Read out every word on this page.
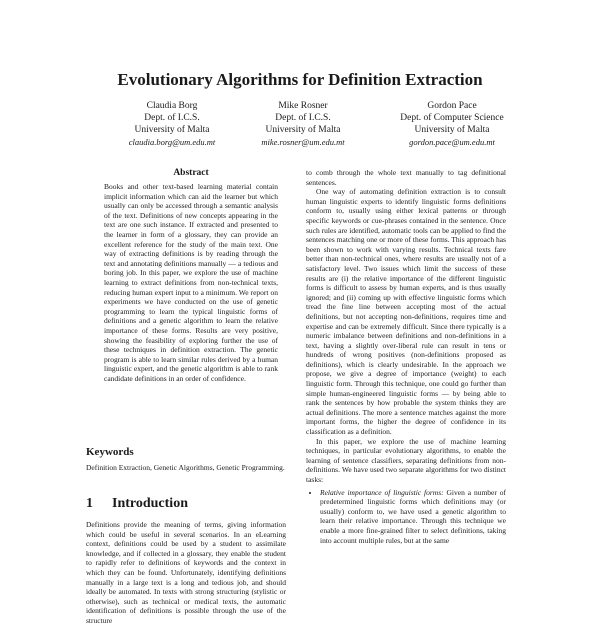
Evolutionary Algorithms for Definition Extraction
Claudia Borg
Dept. of I.C.S.
University of Malta
claudia.borg@um.edu.mt
Mike Rosner
Dept. of I.C.S.
University of Malta
mike.rosner@um.edu.mt
Gordon Pace
Dept. of Computer Science
University of Malta
gordon.pace@um.edu.mt
Abstract

Books and other text-based learning material contain implicit information which can aid the learner but which usually can only be accessed through a semantic analysis of the text. Definitions of new concepts appearing in the text are one such instance. If extracted and presented to the learner in form of a glossary, they can provide an excellent reference for the study of the main text. One way of extracting definitions is by reading through the text and annotating definitions manually — a tedious and boring job. In this paper, we explore the use of machine learning to extract definitions from non-technical texts, reducing human expert input to a minimum. We report on experiments we have conducted on the use of genetic programming to learn the typical linguistic forms of definitions and a genetic algorithm to learn the relative importance of these forms. Results are very positive, showing the feasibility of exploring further the use of these techniques in definition extraction. The genetic program is able to learn similar rules derived by a human linguistic expert, and the genetic algorithm is able to rank candidate definitions in an order of confidence.

Keywords

Definition Extraction, Genetic Algorithms, Genetic Programming.

1 Introduction

Definitions provide the meaning of terms, giving information which could be useful in several scenarios. In an eLearning context, definitions could be used by a student to assimilate knowledge, and if collected in a glossary, they enable the student to rapidly refer to definitions of keywords and the context in which they can be found. Unfortunately, identifying definitions manually in a large text is a long and tedious job, and should ideally be automated. In texts with strong structuring (stylistic or otherwise), such as technical or medical texts, the automatic identification of definitions is possible through the use of the structure

to comb through the whole text manually to tag definitional sentences.

One way of automating definition extraction is to consult human linguistic experts to identify linguistic forms definitions conform to, usually using either lexical patterns or through specific keywords or cue-phrases contained in the sentence. Once such rules are identified, automatic tools can be applied to find the sentences matching one or more of these forms. This approach has been shown to work with varying results. Technical texts fare better than non-technical ones, where results are usually not of a satisfactory level. Two issues which limit the success of these results are (i) the relative importance of the different linguistic forms is difficult to assess by human experts, and is thus usually ignored; and (ii) coming up with effective linguistic forms which tread the fine line between accepting most of the actual definitions, but not accepting non-definitions, requires time and expertise and can be extremely difficult. Since there typically is a numeric imbalance between definitions and non-definitions in a text, having a slightly over-liberal rule can result in tens or hundreds of wrong positives (non-definitions proposed as definitions), which is clearly undesirable. In the approach we propose, we give a degree of importance (weight) to each linguistic form. Through this technique, one could go further than simple human-engineered linguistic forms — by being able to rank the sentences by how probable the system thinks they are actual definitions. The more a sentence matches against the more important forms, the higher the degree of confidence in its classification as a definition.

In this paper, we explore the use of machine learning techniques, in particular evolutionary algorithms, to enable the learning of sentence classifiers, separating definitions from non-definitions. We have used two separate algorithms for two distinct tasks:

• Relative importance of linguistic forms: Given a number of predetermined linguistic forms which definitions may (or usually) conform to, we have used a genetic algorithm to learn their relative importance. Through this technique we enable a more fine-grained filter to select definitions, taking into account multiple rules, but at the same
